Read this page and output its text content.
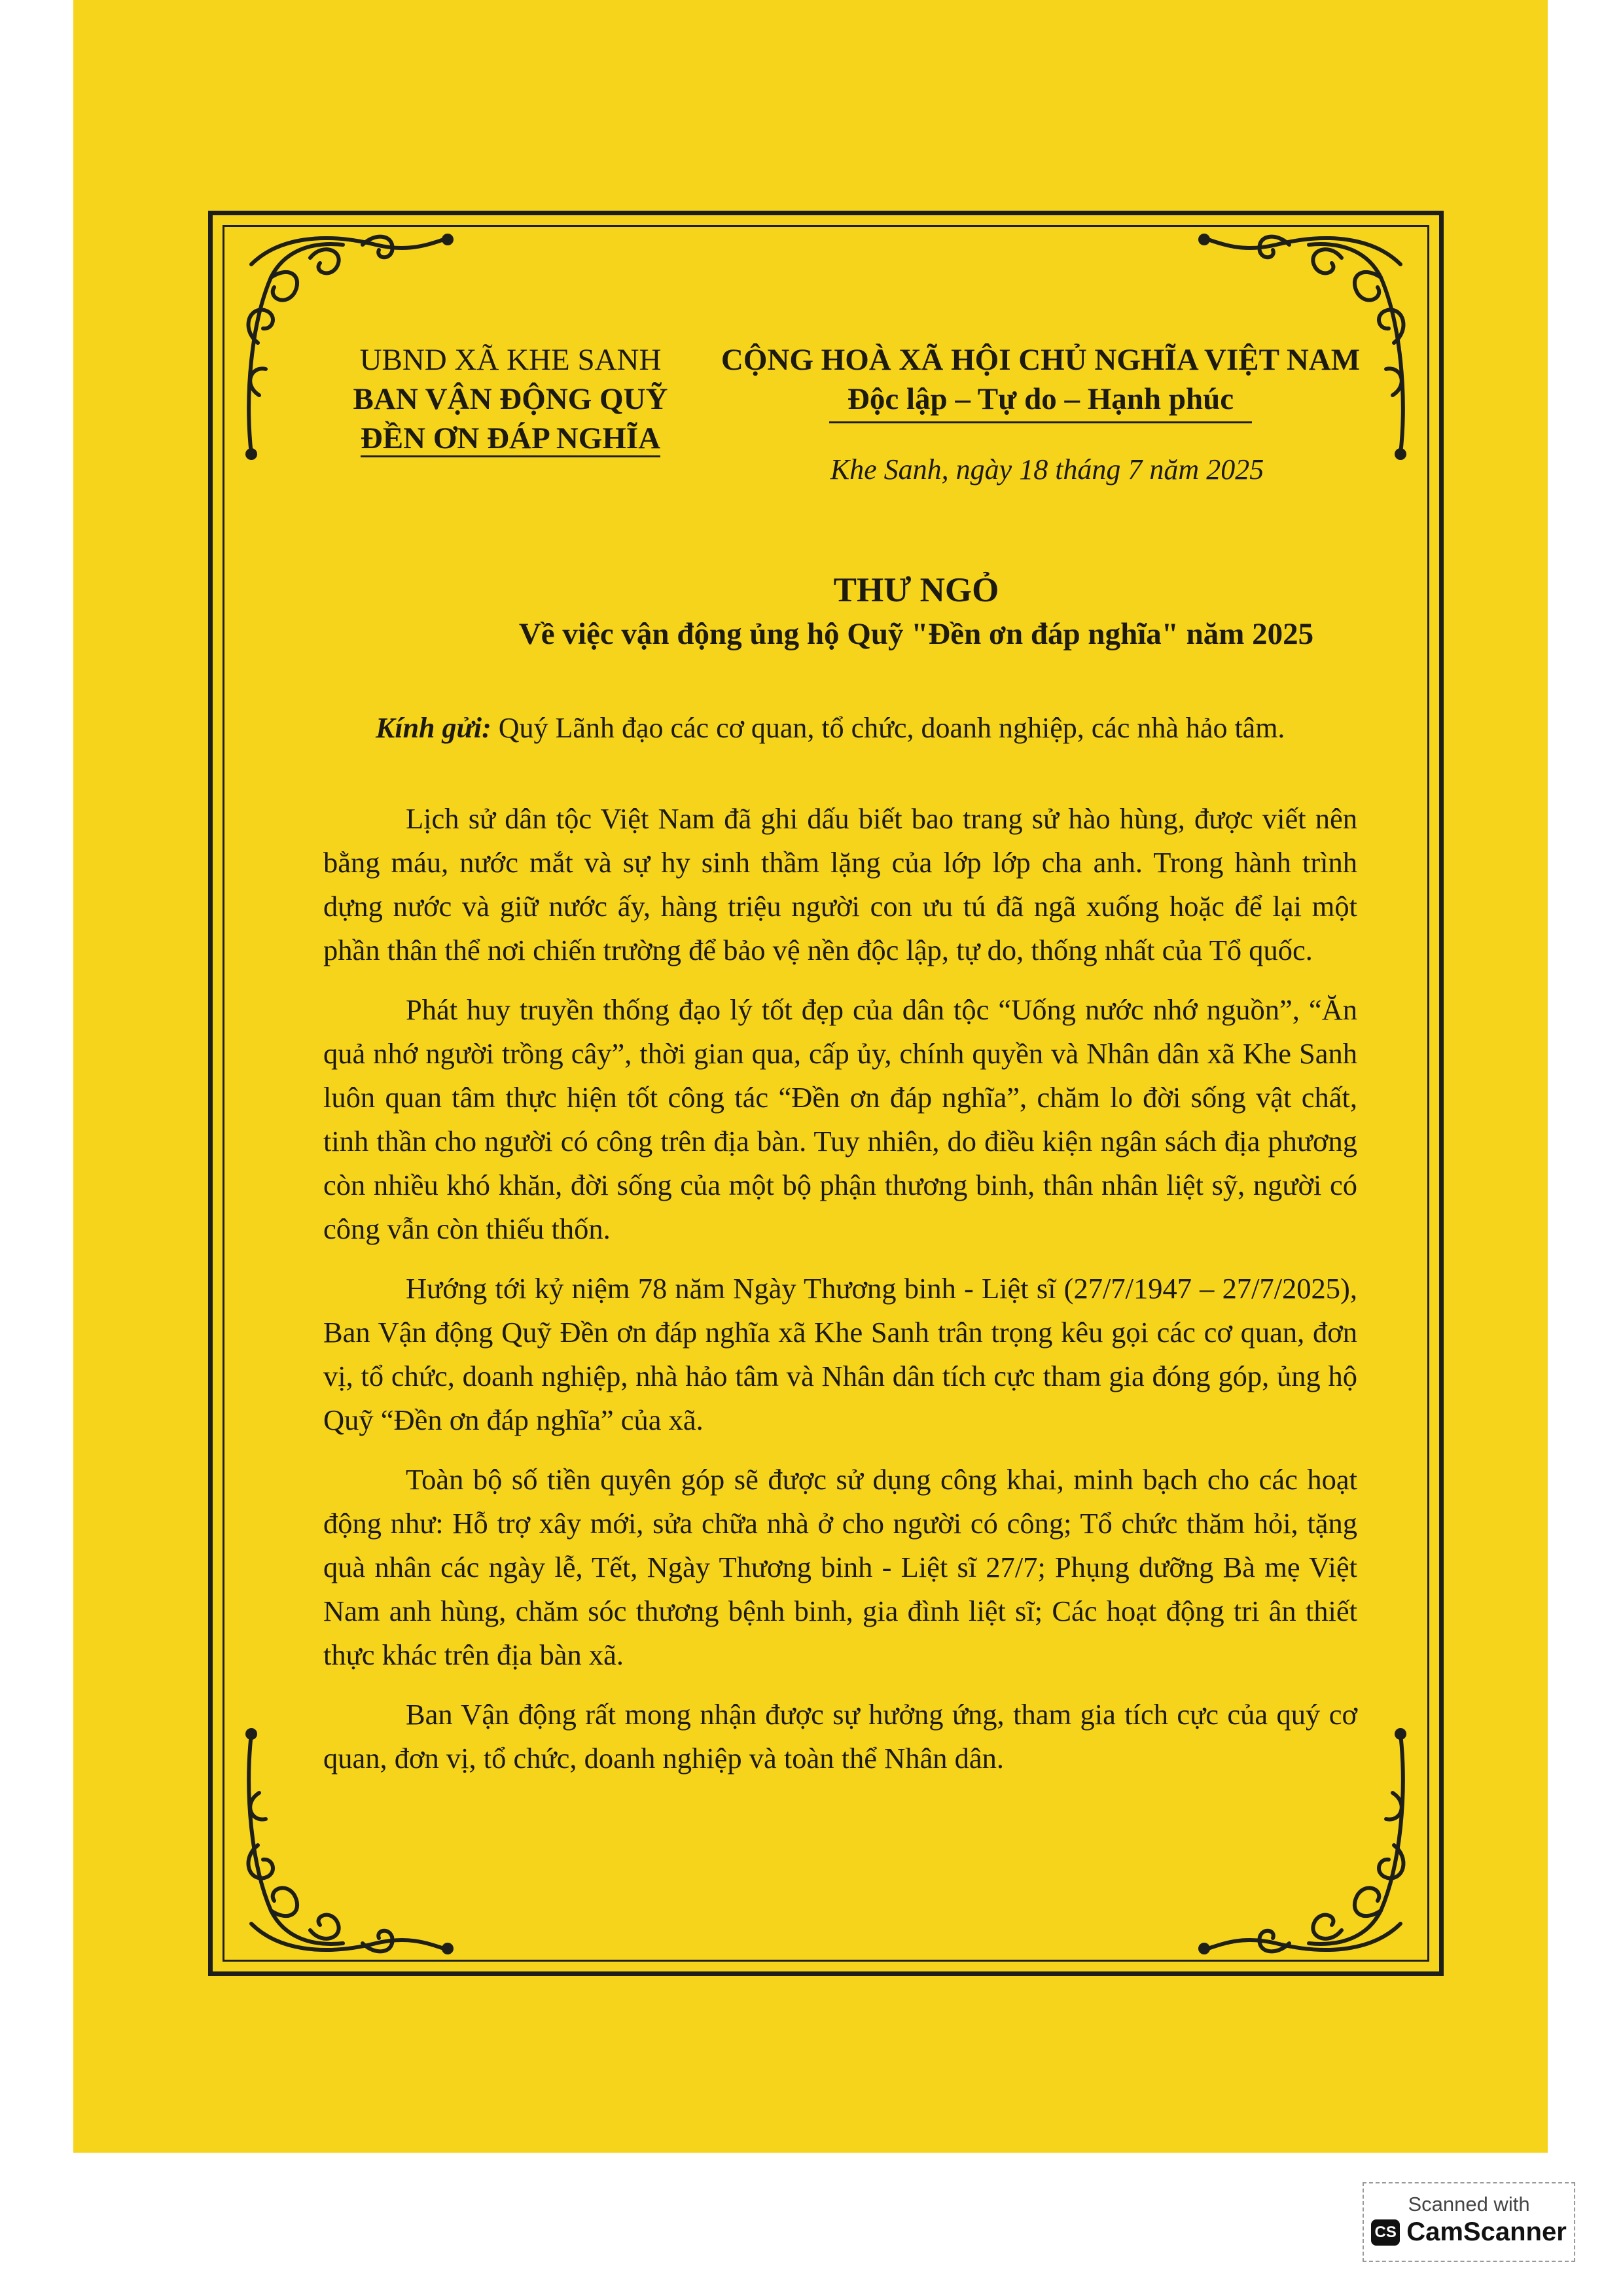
UBND XÃ KHE SANH
BAN VẬN ĐỘNG QUỸ
ĐỀN ƠN ĐÁP NGHĨA
CỘNG HOÀ XÃ HỘI CHỦ NGHĨA VIỆT NAM
Độc lập – Tự do – Hạnh phúc
Khe Sanh, ngày 18 tháng 7 năm 2025
THƯ NGỎ
Về việc vận động ủng hộ Quỹ "Đền ơn đáp nghĩa" năm 2025
Kính gửi: Quý Lãnh đạo các cơ quan, tổ chức, doanh nghiệp, các nhà hảo tâm.

Lịch sử dân tộc Việt Nam đã ghi dấu biết bao trang sử hào hùng, được viết nên bằng máu, nước mắt và sự hy sinh thầm lặng của lớp lớp cha anh. Trong hành trình dựng nước và giữ nước ấy, hàng triệu người con ưu tú đã ngã xuống hoặc để lại một phần thân thể nơi chiến trường để bảo vệ nền độc lập, tự do, thống nhất của Tổ quốc.

Phát huy truyền thống đạo lý tốt đẹp của dân tộc “Uống nước nhớ nguồn”, “Ăn quả nhớ người trồng cây”, thời gian qua, cấp ủy, chính quyền và Nhân dân xã Khe Sanh luôn quan tâm thực hiện tốt công tác “Đền ơn đáp nghĩa”, chăm lo đời sống vật chất, tinh thần cho người có công trên địa bàn. Tuy nhiên, do điều kiện ngân sách địa phương còn nhiều khó khăn, đời sống của một bộ phận thương binh, thân nhân liệt sỹ, người có công vẫn còn thiếu thốn.

Hướng tới kỷ niệm 78 năm Ngày Thương binh - Liệt sĩ (27/7/1947 – 27/7/2025), Ban Vận động Quỹ Đền ơn đáp nghĩa xã Khe Sanh trân trọng kêu gọi các cơ quan, đơn vị, tổ chức, doanh nghiệp, nhà hảo tâm và Nhân dân tích cực tham gia đóng góp, ủng hộ Quỹ “Đền ơn đáp nghĩa” của xã.

Toàn bộ số tiền quyên góp sẽ được sử dụng công khai, minh bạch cho các hoạt động như: Hỗ trợ xây mới, sửa chữa nhà ở cho người có công; Tổ chức thăm hỏi, tặng quà nhân các ngày lễ, Tết, Ngày Thương binh - Liệt sĩ 27/7; Phụng dưỡng Bà mẹ Việt Nam anh hùng, chăm sóc thương bệnh binh, gia đình liệt sĩ; Các hoạt động tri ân thiết thực khác trên địa bàn xã.

Ban Vận động rất mong nhận được sự hưởng ứng, tham gia tích cực của quý cơ quan, đơn vị, tổ chức, doanh nghiệp và toàn thể Nhân dân.

Scanned with
CS CamScanner
